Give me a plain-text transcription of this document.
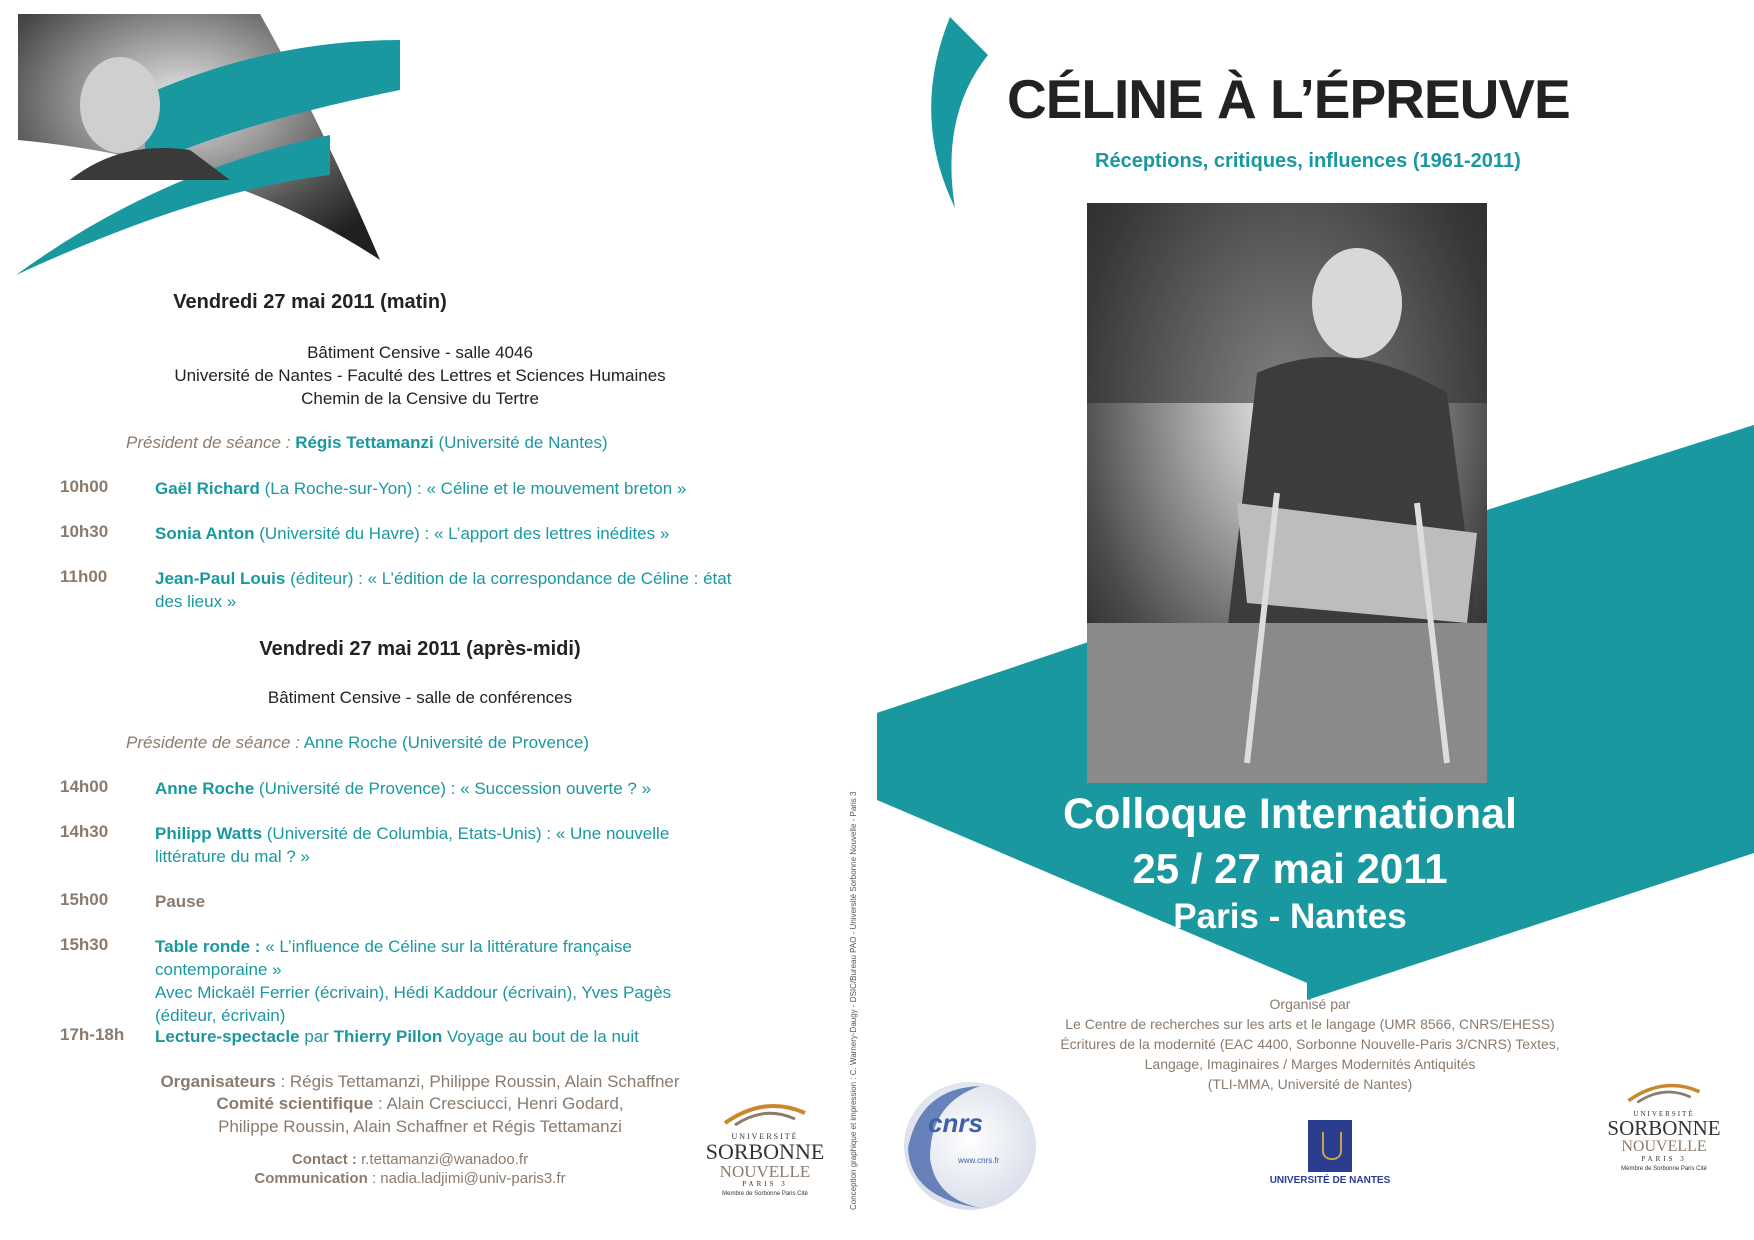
Vendredi 27 mai 2011 (matin)
Bâtiment Censive - salle 4046
Université de Nantes - Faculté des Lettres et Sciences Humaines
Chemin de la Censive du Tertre
Président de séance : Régis Tettamanzi (Université de Nantes)
10h00	Gaël Richard (La Roche-sur-Yon) : « Céline et le mouvement breton »
10h30	Sonia Anton (Université du Havre) : « L’apport des lettres inédites »
11h00	Jean-Paul Louis (éditeur) : « L’édition de la correspondance de Céline : état
des lieux »
Vendredi 27 mai 2011 (après-midi)
Bâtiment Censive - salle de conférences
Présidente de séance : Anne Roche (Université de Provence)
14h00	Anne Roche (Université de Provence) : « Succession ouverte ? »
14h30	Philipp Watts (Université de Columbia, Etats-Unis) : « Une nouvelle
littérature du mal ? »
15h00	Pause
15h30	Table ronde : « L’influence de Céline sur la littérature française
contemporaine »
Avec Mickaël Ferrier (écrivain), Hédi Kaddour (écrivain), Yves Pagès
(éditeur, écrivain)
17h-18h Lecture-spectacle par Thierry Pillon Voyage au bout de la nuit
Organisateurs : Régis Tettamanzi, Philippe Roussin, Alain Schaffner
Comité scientifique : Alain Cresciucci, Henri Godard,
Philippe Roussin, Alain Schaffner et Régis Tettamanzi
Contact : r.tettamanzi@wanadoo.fr
Communication : nadia.ladjimi@univ-paris3.fr
UNIVERSITÉ
SORBONNE
NOUVELLE
PARIS 3
Membre de Sorbonne Paris Cité	Conception graphique et impression : C. Warnery-Daugy - DSIC/Bureau PAO - Université Sorbonne Nouvelle - Paris 3
CÉLINE À L’ÉPREUVE
Réceptions, critiques, influences (1961-2011)
Colloque International
25 / 27 mai 2011
Paris - Nantes
Organisé par
Le Centre de recherches sur les arts et le langage (UMR 8566, CNRS/EHESS)
Écritures de la modernité (EAC 4400, Sorbonne Nouvelle-Paris 3/CNRS) Textes,
Langage, Imaginaires / Marges Modernités Antiquités
(TLI-MMA, Université de Nantes)
cnrs
www.cnrs.fr
UNIVERSITÉ DE NANTES
UNIVERSITÉ
SORBONNE
NOUVELLE
PARIS 3
Membre de Sorbonne Paris Cité
